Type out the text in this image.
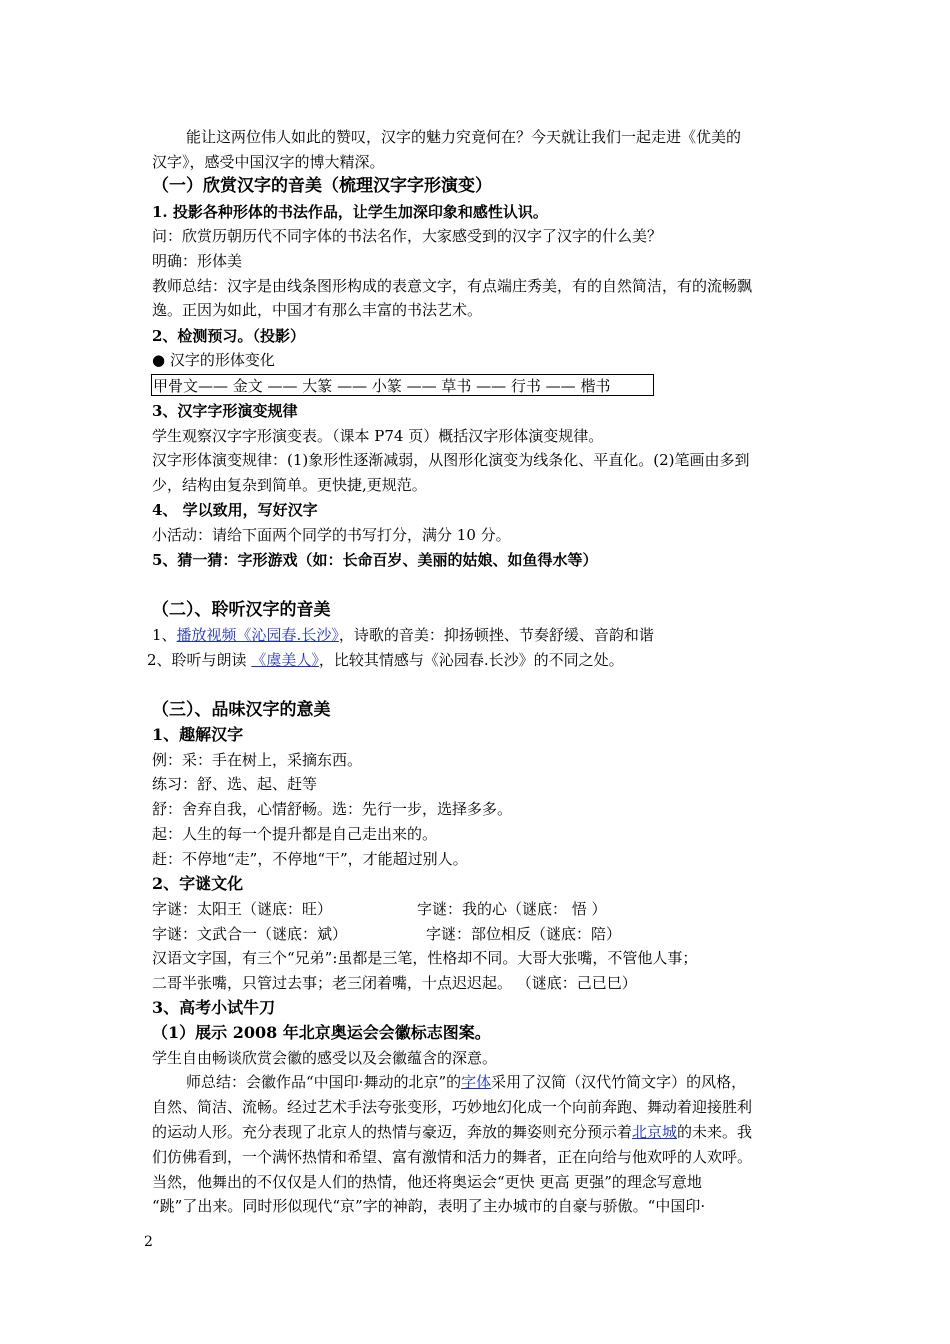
能让这两位伟人如此的赞叹，汉字的魅力究竟何在？今天就让我们一起走进《优美的
汉字》，感受中国汉字的博大精深。
（一）欣赏汉字的音美（梳理汉字字形演变）
1. 投影各种形体的书法作品，让学生加深印象和感性认识。
问：欣赏历朝历代不同字体的书法名作，大家感受到的汉字了汉字的什么美？
明确：形体美
教师总结：汉字是由线条图形构成的表意文字，有点端庄秀美，有的自然简洁，有的流畅飘
逸。正因为如此，中国才有那么丰富的书法艺术。
2、检测预习。（投影）
● 汉字的形体变化
甲骨文—— 金文 —— 大篆 —— 小篆 —— 草书 —— 行书 —— 楷书
3、汉字字形演变规律
学生观察汉字字形演变表。（课本 P74 页）概括汉字形体演变规律。
汉字形体演变规律：(1)象形性逐渐减弱，从图形化演变为线条化、平直化。(2)笔画由多到
少，结构由复杂到简单。更快捷,更规范。
4、 学以致用，写好汉字
小活动：请给下面两个同学的书写打分，满分 10 分。
5、猜一猜：字形游戏（如：长命百岁、美丽的姑娘、如鱼得水等）
（二）、聆听汉字的音美
1、播放视频《沁园春.长沙》，诗歌的音美：抑扬顿挫、节奏舒缓、音韵和谐
2、聆听与朗读 《虞美人》，比较其情感与《沁园春.长沙》的不同之处。
（三）、品味汉字的意美
1、趣解汉字
例：采：手在树上，采摘东西。
练习：舒、选、起、赶等
舒：舍弃自我，心情舒畅。选：先行一步，选择多多。
起：人生的每一个提升都是自己走出来的。
赶：不停地“走”，不停地“干”，才能超过别人。
2、字谜文化
字谜：太阳王（谜底：旺）	字谜：我的心（谜底： 悟 ）
字谜：文武合一（谜底：斌）	字谜：部位相反（谜底：陪）
汉语文字国，有三个“兄弟”:虽都是三笔，性格却不同。大哥大张嘴，不管他人事；
二哥半张嘴，只管过去事；老三闭着嘴，十点迟迟起。 （谜底：己已巳）
3、高考小试牛刀
（1）展示 2008 年北京奥运会会徽标志图案。
学生自由畅谈欣赏会徽的感受以及会徽蕴含的深意。
师总结：会徽作品“中国印·舞动的北京”的字体采用了汉简（汉代竹简文字）的风格，
自然、简洁、流畅。经过艺术手法夸张变形，巧妙地幻化成一个向前奔跑、舞动着迎接胜利
的运动人形。充分表现了北京人的热情与豪迈，奔放的舞姿则充分预示着北京城的未来。我
们仿佛看到，一个满怀热情和希望、富有激情和活力的舞者，正在向给与他欢呼的人欢呼。
当然，他舞出的不仅仅是人们的热情，他还将奥运会“更快 更高 更强”的理念写意地
“跳”了出来。同时形似现代“京”字的神韵，表明了主办城市的自豪与骄傲。“中国印·
2
